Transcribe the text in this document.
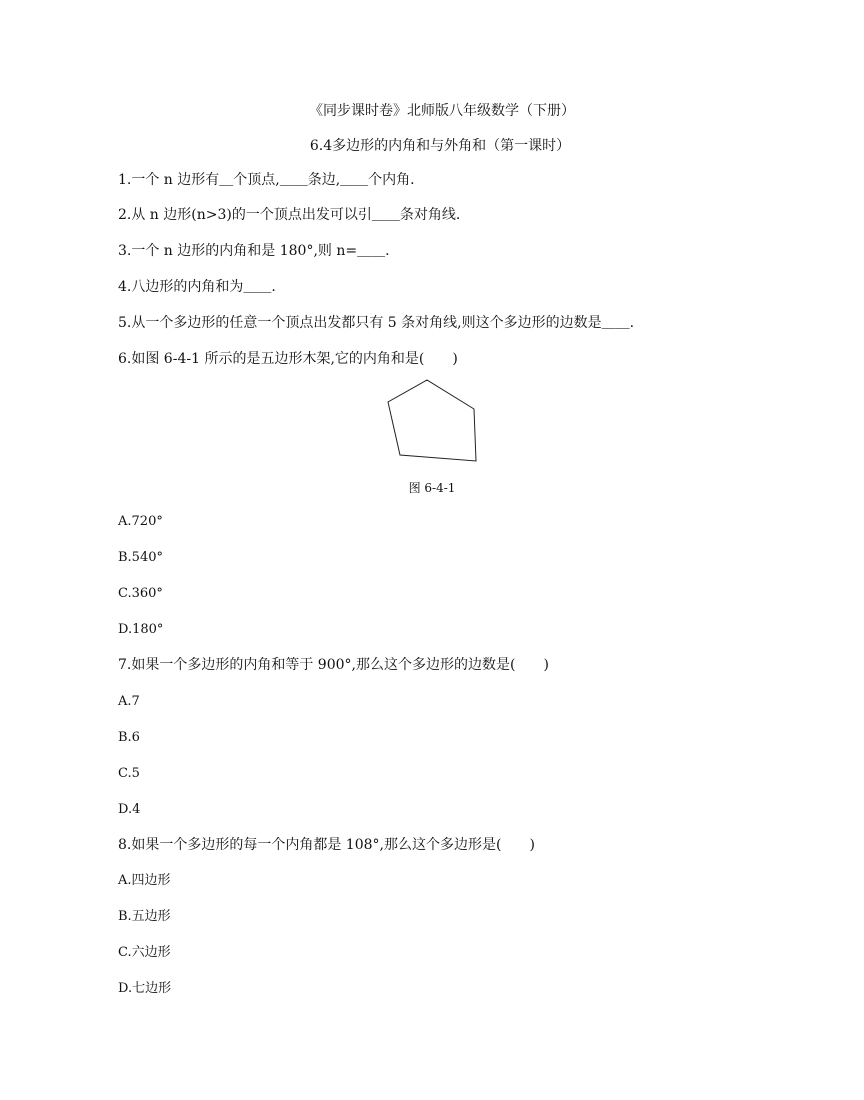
《同步课时卷》北师版八年级数学（下册）
6.4多边形的内角和与外角和（第一课时）
1.一个 n 边形有＿个顶点,＿＿条边,＿＿个内角.
2.从 n 边形(n>3)的一个顶点出发可以引＿＿条对角线.
3.一个 n 边形的内角和是 180°,则 n=＿＿.
4.八边形的内角和为＿＿.
5.从一个多边形的任意一个顶点出发都只有 5 条对角线,则这个多边形的边数是＿＿.
6.如图 6-4-1 所示的是五边形木架,它的内角和是(　　)
图 6-4-1
A.720°
B.540°
C.360°
D.180°
7.如果一个多边形的内角和等于 900°,那么这个多边形的边数是(　　)
A.7
B.6
C.5
D.4
8.如果一个多边形的每一个内角都是 108°,那么这个多边形是(　　)
A.四边形
B.五边形
C.六边形
D.七边形
